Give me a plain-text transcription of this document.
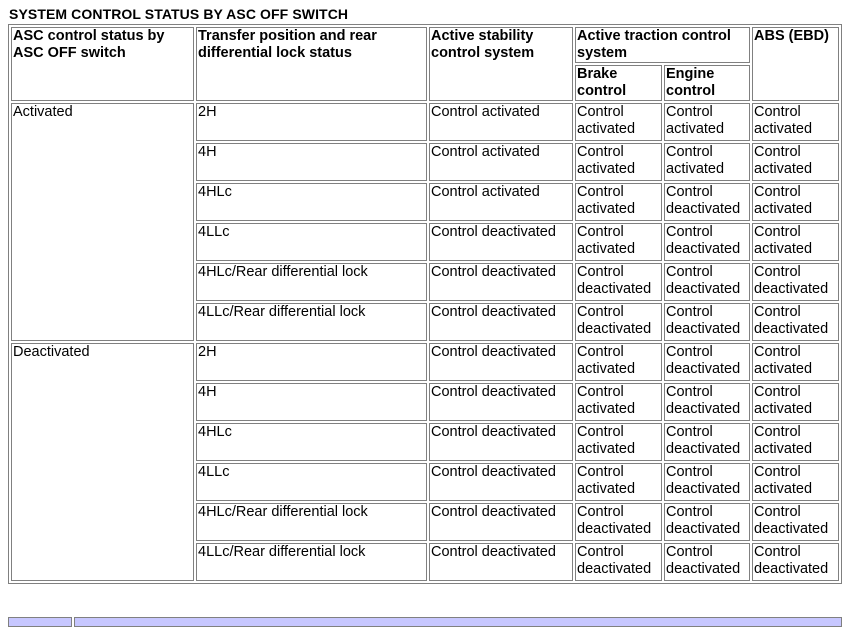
SYSTEM CONTROL STATUS BY ASC OFF SWITCH
ASC control status by ASC OFF switch	Transfer position and rear differential lock status	Active stability control system	Active traction control system		ABS (EBD)
			Brake control	Engine control	
Activated	2H	Control activated	Control activated	Control activated	Control activated
	4H	Control activated	Control activated	Control activated	Control activated
	4HLc	Control activated	Control activated	Control deactivated	Control activated
	4LLc	Control deactivated	Control activated	Control deactivated	Control activated
	4HLc/Rear differential lock	Control deactivated	Control deactivated	Control deactivated	Control deactivated
	4LLc/Rear differential lock	Control deactivated	Control deactivated	Control deactivated	Control deactivated
Deactivated	2H	Control deactivated	Control activated	Control deactivated	Control activated
	4H	Control deactivated	Control activated	Control deactivated	Control activated
	4HLc	Control deactivated	Control activated	Control deactivated	Control activated
	4LLc	Control deactivated	Control activated	Control deactivated	Control activated
	4HLc/Rear differential lock	Control deactivated	Control deactivated	Control deactivated	Control deactivated
	4LLc/Rear differential lock	Control deactivated	Control deactivated	Control deactivated	Control deactivated
